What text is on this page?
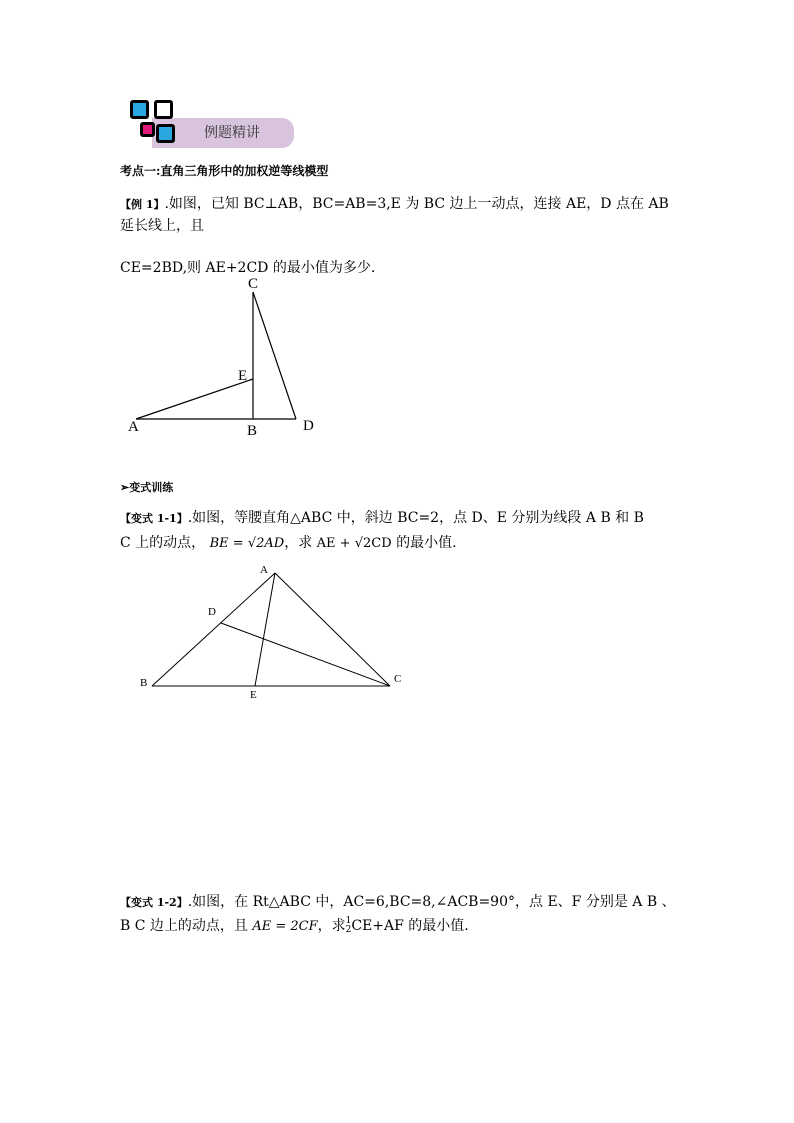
例题精讲
考点一:直角三角形中的加权逆等线模型
【例 1】.如图，已知 BC⊥AB，BC=AB=3,E 为 BC 边上一动点，连接 AE，D 点在 AB
延长线上，且
CE=2BD,则 AE+2CD 的最小值为多少.
C
E
A	B	D
➢变式训练
【变式 1-1】.如图，等腰直角△ABC 中，斜边 BC=2，点 D、E 分别为线段 A B 和 B
C 上的动点， BE = √2AD，求 AE + √2CD 的最小值.
A
D
B
E
C
【变式 1-2】.如图，在 Rt△ABC 中，AC=6,BC=8,∠ACB=90°，点 E、F 分别是 A B 、
B C 边上的动点，且 AE = 2CF，求 1
2 CE+AF 的最小值.
